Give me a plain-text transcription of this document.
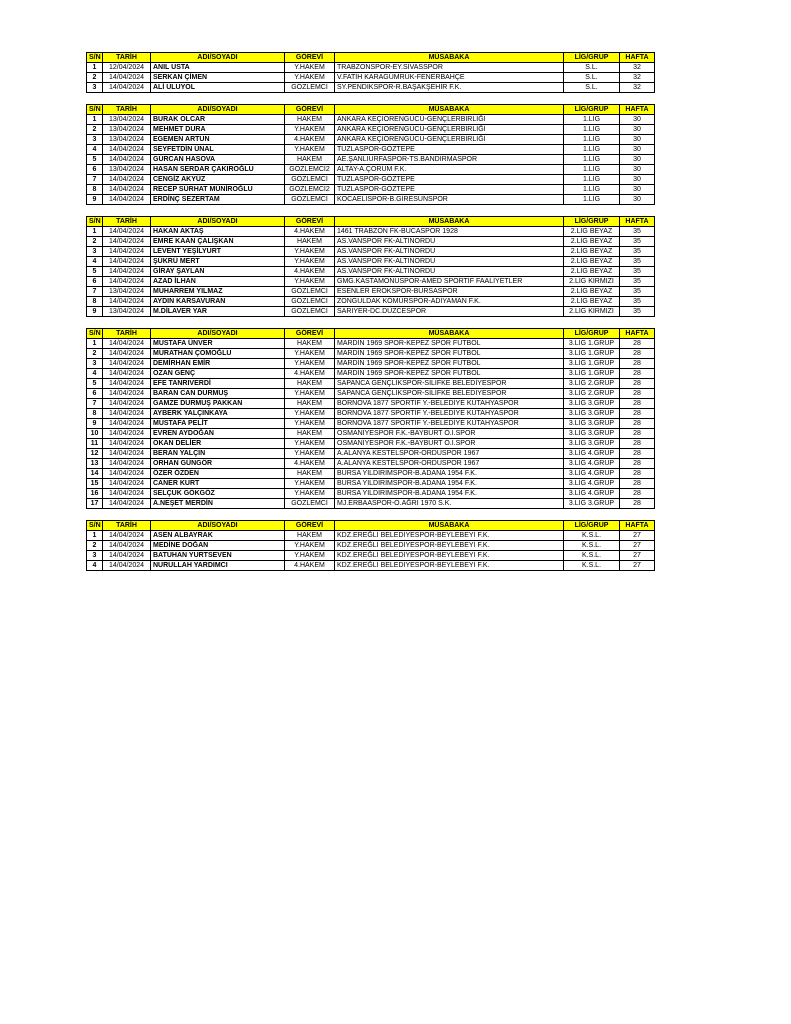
S/N	TARİH	ADI/SOYADI	GÖREVİ	MÜSABAKA	LİG/GRUP	HAFTA
1	12/04/2024	ANIL USTA	Y.HAKEM	TRABZONSPOR-EY.SİVASSPOR	S.L.	32
2	14/04/2024	SERKAN ÇİMEN	Y.HAKEM	V.FATİH KARAGÜMRÜK-FENERBAHÇE	S.L.	32
3	14/04/2024	ALİ ULUYOL	GÖZLEMCİ	SY.PENDİKSPOR-R.BAŞAKŞEHİR F.K.	S.L.	32
S/N	TARİH	ADI/SOYADI	GÖREVİ	MÜSABAKA	LİG/GRUP	HAFTA
1	13/04/2024	BURAK OLCAR	HAKEM	ANKARA KEÇİÖRENGÜCÜ-GENÇLERBİRLİĞİ	1.LİG	30
2	13/04/2024	MEHMET DURA	Y.HAKEM	ANKARA KEÇİÖRENGÜCÜ-GENÇLERBİRLİĞİ	1.LİG	30
3	13/04/2024	EGEMEN ARTUN	4.HAKEM	ANKARA KEÇİÖRENGÜCÜ-GENÇLERBİRLİĞİ	1.LİG	30
4	14/04/2024	SEYFETDİN ÜNAL	Y.HAKEM	TUZLASPOR-GÖZTEPE	1.LİG	30
5	14/04/2024	GÜRCAN HASOVA	HAKEM	AE.ŞANLIURFASPOR-TS.BANDIRMASPOR	1.LİG	30
6	13/04/2024	HASAN SERDAR ÇAKIROĞLU	GÖZLEMCİ2	ALTAY-A.ÇORUM F.K.	1.LİG	30
7	14/04/2024	CENGİZ AKYÜZ	GÖZLEMCİ	TUZLASPOR-GÖZTEPE	1.LİG	30
8	14/04/2024	RECEP SÜRHAT MÜNİROĞLU	GÖZLEMCİ2	TUZLASPOR-GÖZTEPE	1.LİG	30
9	14/04/2024	ERDİNÇ SEZERTAM	GÖZLEMCİ	KOCAELİSPOR-B.GİRESUNSPOR	1.LİG	30
S/N	TARİH	ADI/SOYADI	GÖREVİ	MÜSABAKA	LİG/GRUP	HAFTA
1	14/04/2024	HAKAN AKTAŞ	4.HAKEM	1461 TRABZON FK-BUCASPOR 1928	2.LİG BEYAZ	35
2	14/04/2024	EMRE KAAN ÇALIŞKAN	HAKEM	AS.VANSPOR FK-ALTINORDU	2.LİG BEYAZ	35
3	14/04/2024	LEVENT YEŞİLYURT	Y.HAKEM	AS.VANSPOR FK-ALTINORDU	2.LİG BEYAZ	35
4	14/04/2024	ŞÜKRÜ MERT	Y.HAKEM	AS.VANSPOR FK-ALTINORDU	2.LİG BEYAZ	35
5	14/04/2024	GİRAY ŞAYLAN	4.HAKEM	AS.VANSPOR FK-ALTINORDU	2.LİG BEYAZ	35
6	14/04/2024	AZAD İLHAN	Y.HAKEM	GMG.KASTAMONUSPOR-AMED SPORTİF FAALİYETLER	2.LİG KIRMIZI	35
7	13/04/2024	MUHARREM YILMAZ	GÖZLEMCİ	ESENLER EROKSPOR-BURSASPOR	2.LİG BEYAZ	35
8	14/04/2024	AYDIN KARSAVURAN	GÖZLEMCİ	ZONGULDAK KÖMÜRSPOR-ADIYAMAN F.K.	2.LİG BEYAZ	35
9	13/04/2024	M.DİLAVER YAR	GÖZLEMCİ	SARIYER-DC.DÜZCESPOR	2.LİG KIRMIZI	35
S/N	TARİH	ADI/SOYADI	GÖREVİ	MÜSABAKA	LİG/GRUP	HAFTA
1	14/04/2024	MUSTAFA ÜNVER	HAKEM	MARDİN 1969 SPOR-KEPEZ SPOR FUTBOL	3.LİG 1.GRUP	28
2	14/04/2024	MURATHAN ÇOMOĞLU	Y.HAKEM	MARDİN 1969 SPOR-KEPEZ SPOR FUTBOL	3.LİG 1.GRUP	28
3	14/04/2024	DEMİRHAN EMİR	Y.HAKEM	MARDİN 1969 SPOR-KEPEZ SPOR FUTBOL	3.LİG 1.GRUP	28
4	14/04/2024	OZAN GENÇ	4.HAKEM	MARDİN 1969 SPOR-KEPEZ SPOR FUTBOL	3.LİG 1.GRUP	28
5	14/04/2024	EFE TANRIVERDİ	HAKEM	SAPANCA GENÇLİKSPOR-SİLİFKE BELEDİYESPOR	3.LİG 2.GRUP	28
6	14/04/2024	BARAN CAN DURMUŞ	Y.HAKEM	SAPANCA GENÇLİKSPOR-SİLİFKE BELEDİYESPOR	3.LİG 2.GRUP	28
7	14/04/2024	GAMZE DURMUŞ PAKKAN	HAKEM	BORNOVA 1877 SPORTİF Y.-BELEDİYE KÜTAHYASPOR	3.LİG 3.GRUP	28
8	14/04/2024	AYBERK YALÇINKAYA	Y.HAKEM	BORNOVA 1877 SPORTİF Y.-BELEDİYE KÜTAHYASPOR	3.LİG 3.GRUP	28
9	14/04/2024	MUSTAFA PELİT	Y.HAKEM	BORNOVA 1877 SPORTİF Y.-BELEDİYE KÜTAHYASPOR	3.LİG 3.GRUP	28
10	14/04/2024	EVREN AYDOĞAN	HAKEM	OSMANİYESPOR F.K.-BAYBURT Ö.İ.SPOR	3.LİG 3.GRUP	28
11	14/04/2024	OKAN DELİER	Y.HAKEM	OSMANİYESPOR F.K.-BAYBURT Ö.İ.SPOR	3.LİG 3.GRUP	28
12	14/04/2024	BERAN YALÇIN	Y.HAKEM	A.ALANYA KESTELSPOR-ORDUSPOR 1967	3.LİG 4.GRUP	28
13	14/04/2024	ORHAN GÜNGÖR	4.HAKEM	A.ALANYA KESTELSPOR-ORDUSPOR 1967	3.LİG 4.GRUP	28
14	14/04/2024	ÖZER ÖZDEN	HAKEM	BURSA YILDIRIMSPOR-B.ADANA 1954 F.K.	3.LİG 4.GRUP	28
15	14/04/2024	CANER KURT	Y.HAKEM	BURSA YILDIRIMSPOR-B.ADANA 1954 F.K.	3.LİG 4.GRUP	28
16	14/04/2024	SELÇUK GÖKGÖZ	Y.HAKEM	BURSA YILDIRIMSPOR-B.ADANA 1954 F.K.	3.LİG 4.GRUP	28
17	14/04/2024	A.NEŞET MERDİN	GÖZLEMCİ	MJ.ERBAASPOR-O.AĞRI 1970 S.K.	3.LİG 3.GRUP	28
S/N	TARİH	ADI/SOYADI	GÖREVİ	MÜSABAKA	LİG/GRUP	HAFTA
1	14/04/2024	ASEN ALBAYRAK	HAKEM	KDZ.EREĞLİ BELEDİYESPOR-BEYLEBEYİ F.K.	K.S.L.	27
2	14/04/2024	MEDİNE DOĞAN	Y.HAKEM	KDZ.EREĞLİ BELEDİYESPOR-BEYLEBEYİ F.K.	K.S.L.	27
3	14/04/2024	BATUHAN YURTSEVEN	Y.HAKEM	KDZ.EREĞLİ BELEDİYESPOR-BEYLEBEYİ F.K.	K.S.L.	27
4	14/04/2024	NURULLAH YARDIMCI	4.HAKEM	KDZ.EREĞLİ BELEDİYESPOR-BEYLEBEYİ F.K.	K.S.L.	27
